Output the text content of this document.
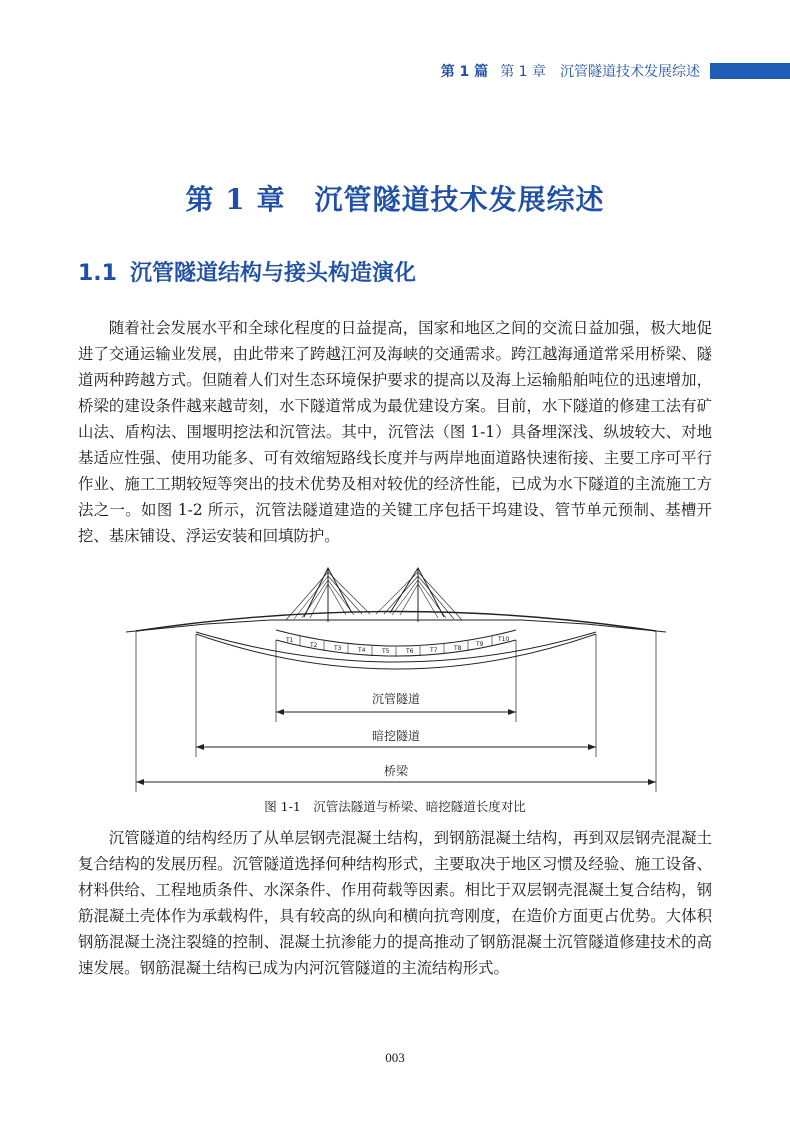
第 1 篇 第 1 章　沉管隧道技术发展综述
第 1 章　沉管隧道技术发展综述
1.1 沉管隧道结构与接头构造演化

随着社会发展水平和全球化程度的日益提高，国家和地区之间的交流日益加强，极大地促进了交通运输业发展，由此带来了跨越江河及海峡的交通需求。跨江越海通道常采用桥梁、隧道两种跨越方式。但随着人们对生态环境保护要求的提高以及海上运输船舶吨位的迅速增加，桥梁的建设条件越来越苛刻，水下隧道常成为最优建设方案。目前，水下隧道的修建工法有矿山法、盾构法、围堰明挖法和沉管法。其中，沉管法（图 1-1）具备埋深浅、纵坡较大、对地基适应性强、使用功能多、可有效缩短路线长度并与两岸地面道路快速衔接、主要工序可平行作业、施工工期较短等突出的技术优势及相对较优的经济性能，已成为水下隧道的主流施工方法之一。如图 1-2 所示，沉管法隧道建造的关键工序包括干坞建设、管节单元预制、基槽开挖、基床铺设、浮运安装和回填防护。

T1
T2	T3	T4	T5	T6	T7	T8
T9
T10
沉管隧道
暗挖隧道
桥梁
图 1-1　沉管法隧道与桥梁、暗挖隧道长度对比

沉管隧道的结构经历了从单层钢壳混凝土结构，到钢筋混凝土结构，再到双层钢壳混凝土复合结构的发展历程。沉管隧道选择何种结构形式，主要取决于地区习惯及经验、施工设备、材料供给、工程地质条件、水深条件、作用荷载等因素。相比于双层钢壳混凝土复合结构，钢筋混凝土壳体作为承载构件，具有较高的纵向和横向抗弯刚度，在造价方面更占优势。大体积钢筋混凝土浇注裂缝的控制、混凝土抗渗能力的提高推动了钢筋混凝土沉管隧道修建技术的高速发展。钢筋混凝土结构已成为内河沉管隧道的主流结构形式。

003
